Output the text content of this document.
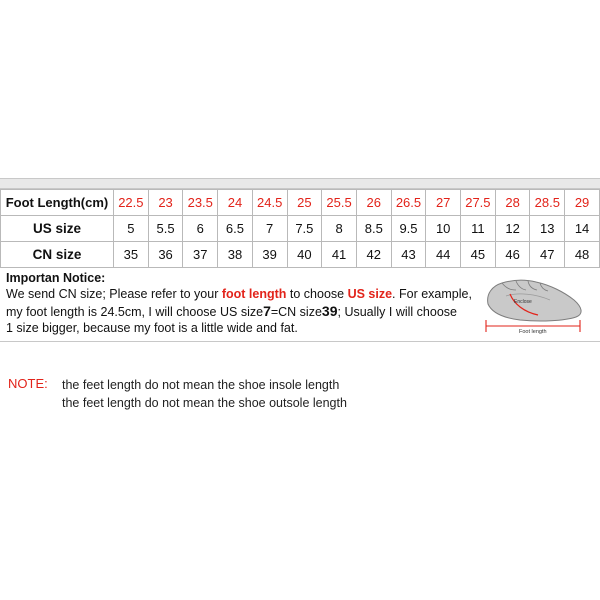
Foot Length(cm)	22.5	23	23.5	24	24.5	25	25.5	26	26.5	27	27.5	28	28.5	29
US size	5	5.5	6	6.5	7	7.5	8	8.5	9.5	10	11	12	13	14
CN size	35	36	37	38	39	40	41	42	43	44	45	46	47	48
Importan Notice:

We send CN size; Please refer to your foot length to choose US size. For example,

my foot length is 24.5cm, I will choose US size7=CN size39; Usually I will choose

1 size bigger, because my foot is a little wide and fat.

Enclose
Foot length
NOTE:	the feet length do not mean the shoe insole length
the feet length do not mean the shoe outsole length
